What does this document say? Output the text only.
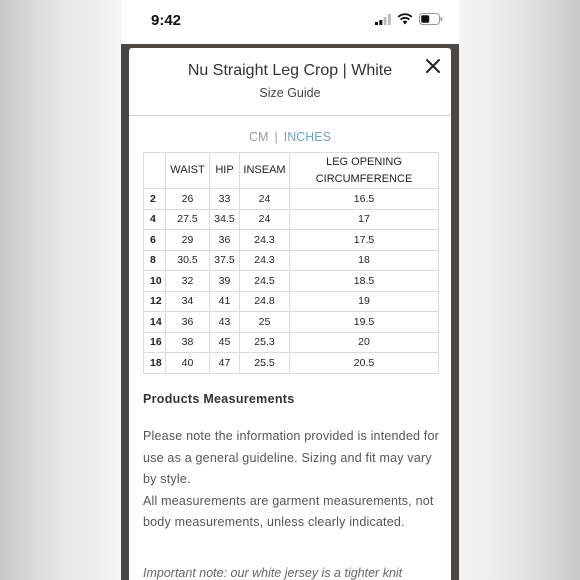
9:42
Nu Straight Leg Crop | White
Size Guide
CM | INCHES
	WAIST	HIP	INSEAM	LEG OPENING
CIRCUMFERENCE
2	26	33	24	16.5
4	27.5	34.5	24	17
6	29	36	24.3	17.5
8	30.5	37.5	24.3	18
10	32	39	24.5	18.5
12	34	41	24.8	19
14	36	43	25	19.5
16	38	45	25.3	20
18	40	47	25.5	20.5
Products Measurements

Please note the information provided is intended for use as a general guideline. Sizing and fit may vary by style.

All measurements are garment measurements, not body measurements, unless clearly indicated.

Important note: our white jersey is a tighter knit
